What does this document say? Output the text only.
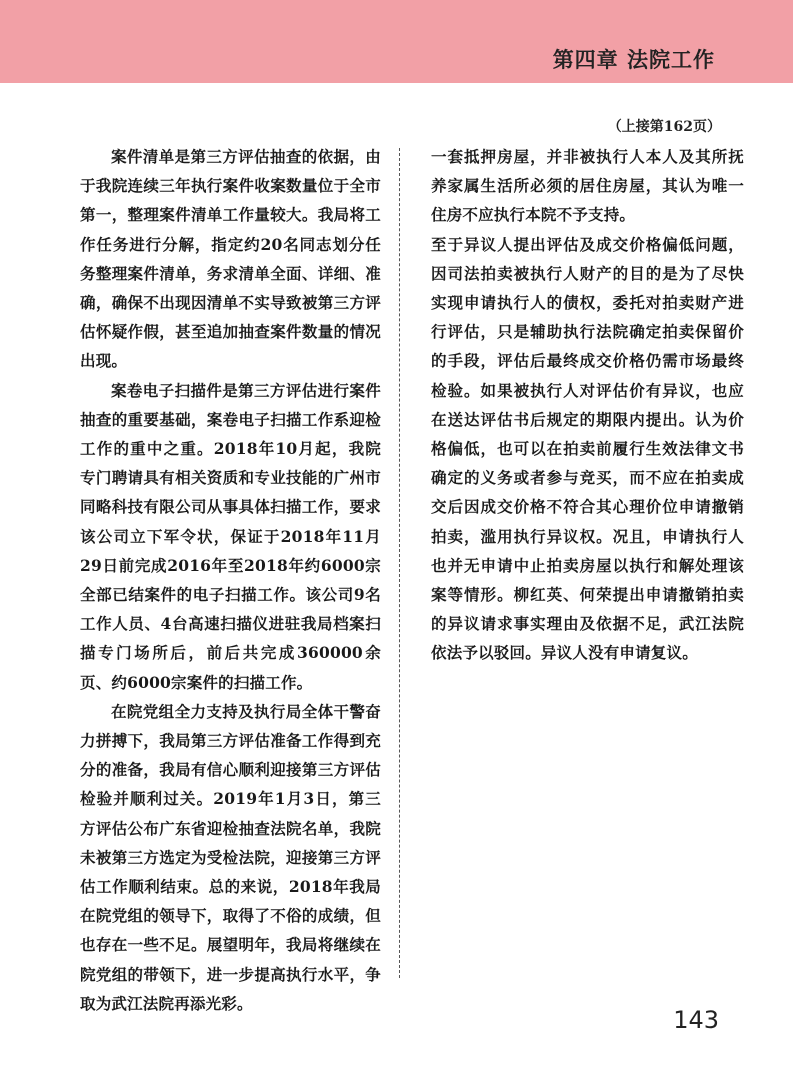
第四章 法院工作
（上接第162页）

案件清单是第三方评估抽查的依据，由于我院连续三年执行案件收案数量位于全市第一，整理案件清单工作量较大。我局将工作任务进行分解，指定约20名同志划分任务整理案件清单，务求清单全面、详细、准确，确保不出现因清单不实导致被第三方评估怀疑作假，甚至追加抽查案件数量的情况出现。

案卷电子扫描件是第三方评估进行案件抽查的重要基础，案卷电子扫描工作系迎检工作的重中之重。2018年10月起，我院专门聘请具有相关资质和专业技能的广州市同略科技有限公司从事具体扫描工作，要求该公司立下军令状，保证于2018年11月29日前完成2016年至2018年约6000宗全部已结案件的电子扫描工作。该公司9名工作人员、4台高速扫描仪进驻我局档案扫描专门场所后，前后共完成360000余页、约6000宗案件的扫描工作。

在院党组全力支持及执行局全体干警奋力拼搏下，我局第三方评估准备工作得到充分的准备，我局有信心顺利迎接第三方评估检验并顺利过关。2019年1月3日，第三方评估公布广东省迎检抽查法院名单，我院未被第三方选定为受检法院，迎接第三方评估工作顺利结束。总的来说，2018年我局在院党组的领导下，取得了不俗的成绩，但也存在一些不足。展望明年，我局将继续在院党组的带领下，进一步提高执行水平，争取为武江法院再添光彩。

一套抵押房屋，并非被执行人本人及其所抚养家属生活所必须的居住房屋，其认为唯一住房不应执行本院不予支持。

至于异议人提出评估及成交价格偏低问题，因司法拍卖被执行人财产的目的是为了尽快实现申请执行人的债权，委托对拍卖财产进行评估，只是辅助执行法院确定拍卖保留价的手段，评估后最终成交价格仍需市场最终检验。如果被执行人对评估价有异议，也应在送达评估书后规定的期限内提出。认为价格偏低，也可以在拍卖前履行生效法律文书确定的义务或者参与竞买，而不应在拍卖成交后因成交价格不符合其心理价位申请撤销拍卖，滥用执行异议权。况且，申请执行人也并无申请中止拍卖房屋以执行和解处理该案等情形。柳红英、何荣提出申请撤销拍卖的异议请求事实理由及依据不足，武江法院依法予以驳回。异议人没有申请复议。

143
